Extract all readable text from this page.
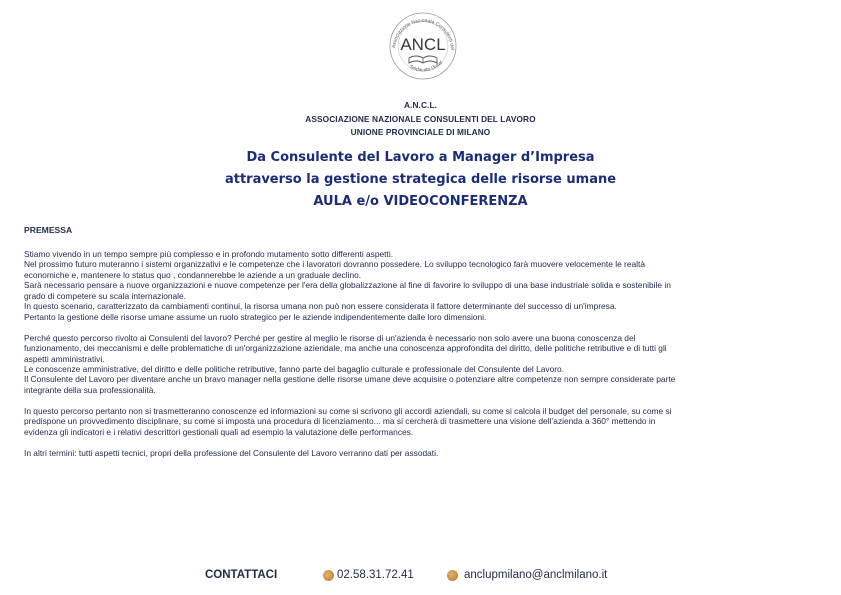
Associazione Nazionale Consulenti del
Sindacato Unitar
ANCL
A.N.C.L.
ASSOCIAZIONE NAZIONALE CONSULENTI DEL LAVORO
UNIONE PROVINCIALE DI MILANO
Da Consulente del Lavoro a Manager d’Impresa
attraverso la gestione strategica delle risorse umane
AULA e/o VIDEOCONFERENZA
PREMESSA

Stiamo vivendo in un tempo sempre più complesso e in profondo mutamento sotto differenti aspetti.
Nel prossimo futuro muteranno i sistemi organizzativi e le competenze che i lavoratori dovranno possedere. Lo sviluppo tecnologico farà muovere velocemente le realtà
economiche e, mantenere lo status quo , condannerebbe le aziende a un graduale declino.
Sarà necessario pensare a nuove organizzazioni e nuove competenze per l'era della globalizzazione al fine di favorire lo sviluppo di una base industriale solida e sostenibile in
grado di competere su scala internazionale.
In questo scenario, caratterizzato da cambiamenti continui, la risorsa umana non può non essere considerata il fattore determinante del successo di un'impresa.
Pertanto la gestione delle risorse umane assume un ruolo strategico per le aziende indipendentemente dalle loro dimensioni.

Perché questo percorso rivolto ai Consulenti del lavoro? Perché per gestire al meglio le risorse di un'azienda è necessario non solo avere una buona conoscenza del
funzionamento, dei meccanismi e delle problematiche di un'organizzazione aziendale, ma anche una conoscenza approfondita del diritto, delle politiche retributive e di tutti gli
aspetti amministrativi.
Le conoscenze amministrative, del diritto e delle politiche retributive, fanno parte del bagaglio culturale e professionale del Consulente del Lavoro.
Il Consulente del Lavoro per diventare anche un bravo manager nella gestione delle risorse umane deve acquisire o potenziare altre competenze non sempre considerate parte
integrante della sua professionalità.

In questo percorso pertanto non si trasmetteranno conoscenze ed informazioni su come si scrivono gli accordi aziendali, su come si calcola il budget del personale, su come si
predispone un provvedimento disciplinare, su come si imposta una procedura di licenziamento... ma si cercherà di trasmettere una visione dell’azienda a 360° mettendo in
evidenza gli indicatori e i relativi descrittori gestionali quali ad esempio la valutazione delle performances.

In altri termini: tutti aspetti tecnici, propri della professione del Consulente del Lavoro verranno dati per assodati.

CONTATTACI	02.58.31.72.41	anclupmilano@anclmilano.it
